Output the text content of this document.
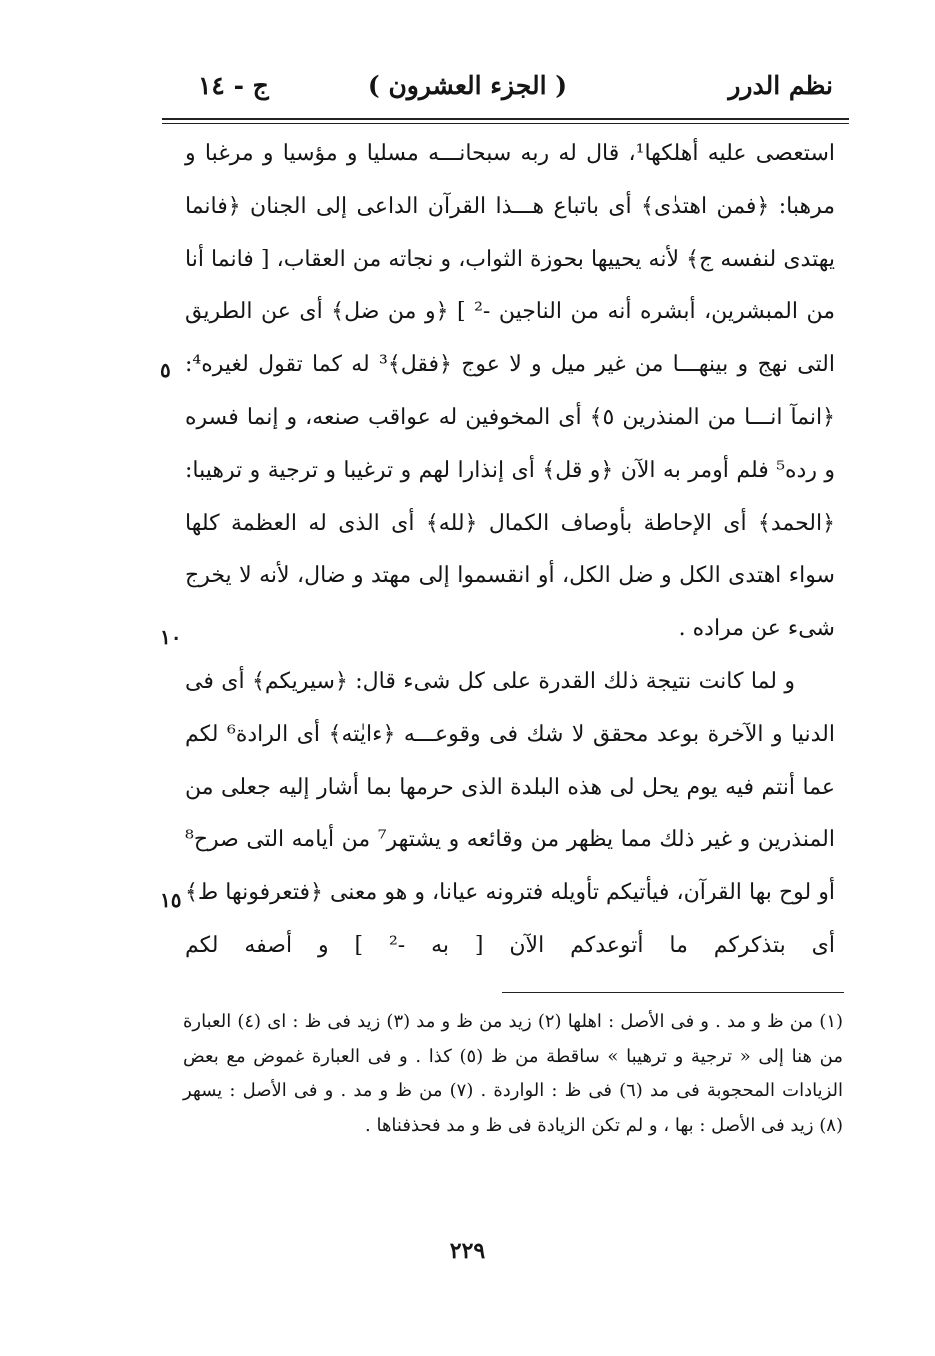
نظم الدرر
( الجزء العشرون )
ج - ١٤

استعصى عليه أهلكها¹، قال له ربه سبحانـــه مسليا و مؤسيا و مرغبا و مرهبا: ﴿فمن اهتدٰى﴾ أى باتباع هـــذا القرآن الداعى إلى الجنان ﴿فانما يهتدى لنفسه ج﴾ لأنه يحييها بحوزة الثواب، و نجاته من العقاب، [ فانما أنا من المبشرين، أبشره أنه من الناجين -² ] ﴿و من ضل﴾ أى عن الطريق التى نهج و بينهـــا من غير ميل و لا عوج ﴿فقل﴾³ له كما تقول لغيره⁴: ﴿انمآ انـــا من المنذرين ٥﴾ أى المخوفين له عواقب صنعه، و إنما فسره و رده⁵ فلم أومر به الآن ﴿و قل﴾ أى إنذارا لهم و ترغيبا و ترجية و ترهيبا: ﴿الحمد﴾ أى الإحاطة بأوصاف الكمال ﴿لله﴾ أى الذى له العظمة كلها سواء اهتدى الكل و ضل الكل، أو انقسموا إلى مهتد و ضال، لأنه لا يخرج شىء عن مراده .

و لما كانت نتيجة ذلك القدرة على كل شىء قال: ﴿سيريكم﴾ أى فى الدنيا و الآخرة بوعد محقق لا شك فى وقوعـــه ﴿ءايٰته﴾ أى الرادة⁶ لكم عما أنتم فيه يوم يحل لى هذه البلدة الذى حرمها بما أشار إليه جعلى من المنذرين و غير ذلك مما يظهر من وقائعه و يشتهر⁷ من أيامه التى صرح⁸ أو لوح بها القرآن، فيأتيكم تأويله فترونه عيانا، و هو معنى ﴿فتعرفونها ط﴾ أى بتذكركم ما أتوعدكم الآن [ به -² ] و أصفه لكم

٥
١٠
١٥

(١) من ظ و مد . و فى الأصل : اهلها (٢) زيد من ظ و مد (٣) زيد فى ظ : اى (٤) العبارة من هنا إلى « ترجية و ترهيبا » ساقطة من ظ (٥) كذا . و فى العبارة غموض مع بعض الزيادات المحجوبة فى مد (٦) فى ظ : الواردة . (٧) من ظ و مد . و فى الأصل : يسهر (٨) زيد فى الأصل : بها ، و لم تكن الزيادة فى ظ و مد فحذفناها .

٢٢٩
